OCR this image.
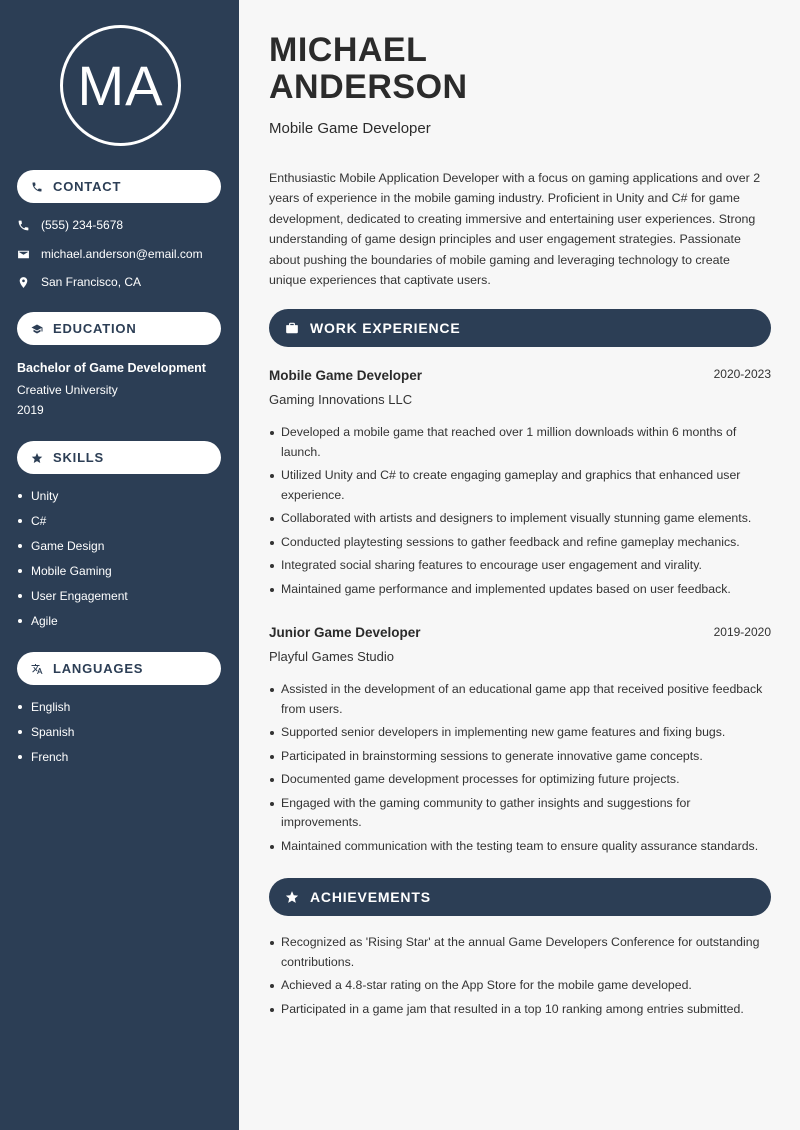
MA
CONTACT
(555) 234-5678
michael.anderson@email.com
San Francisco, CA
EDUCATION
Bachelor of Game Development
Creative University
2019
SKILLS
Unity
C#
Game Design
Mobile Gaming
User Engagement
Agile
LANGUAGES
English
Spanish
French
MICHAEL
ANDERSON
Mobile Game Developer
Enthusiastic Mobile Application Developer with a focus on gaming applications and over 2 years of experience in the mobile gaming industry. Proficient in Unity and C# for game development, dedicated to creating immersive and entertaining user experiences. Strong understanding of game design principles and user engagement strategies. Passionate about pushing the boundaries of mobile gaming and leveraging technology to create unique experiences that captivate users.
WORK EXPERIENCE
Mobile Game Developer	2020-2023
Gaming Innovations LLC
Developed a mobile game that reached over 1 million downloads within 6 months of launch.
Utilized Unity and C# to create engaging gameplay and graphics that enhanced user experience.
Collaborated with artists and designers to implement visually stunning game elements.
Conducted playtesting sessions to gather feedback and refine gameplay mechanics.
Integrated social sharing features to encourage user engagement and virality.
Maintained game performance and implemented updates based on user feedback.
Junior Game Developer	2019-2020
Playful Games Studio
Assisted in the development of an educational game app that received positive feedback from users.
Supported senior developers in implementing new game features and fixing bugs.
Participated in brainstorming sessions to generate innovative game concepts.
Documented game development processes for optimizing future projects.
Engaged with the gaming community to gather insights and suggestions for improvements.
Maintained communication with the testing team to ensure quality assurance standards.
ACHIEVEMENTS
Recognized as 'Rising Star' at the annual Game Developers Conference for outstanding contributions.
Achieved a 4.8-star rating on the App Store for the mobile game developed.
Participated in a game jam that resulted in a top 10 ranking among entries submitted.
